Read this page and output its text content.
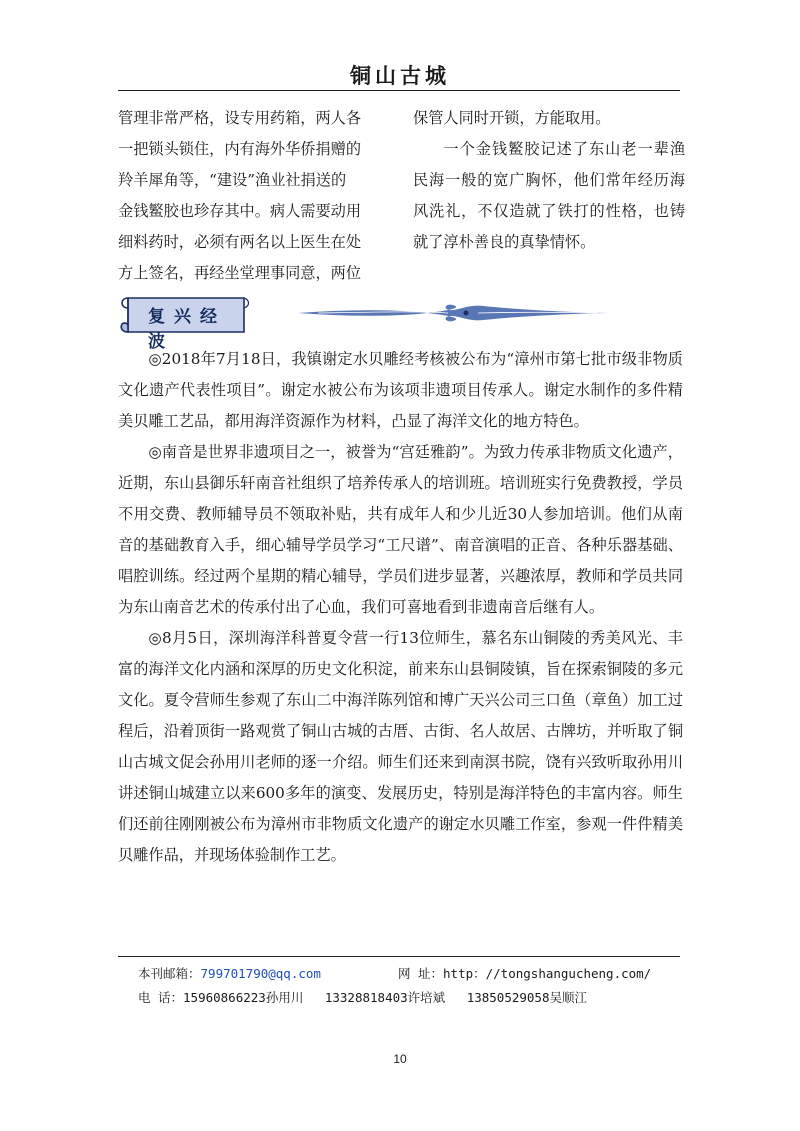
铜山古城

管理非常严格，设专用药箱，两人各

一把锁头锁住，内有海外华侨捐赠的

羚羊犀角等，“建设”渔业社捐送的

金钱鳘胶也珍存其中。病人需要动用

细料药时，必须有两名以上医生在处

方上签名，再经坐堂理事同意，两位

保管人同时开锁，方能取用。

一个金钱鳘胶记述了东山老一辈渔民海一般的宽广胸怀，他们常年经历海风洗礼，不仅造就了铁打的性格，也铸就了淳朴善良的真挚情怀。

复兴经波

◎2018年7月18日，我镇谢定水贝雕经考核被公布为“漳州市第七批市级非物质文化遗产代表性项目”。谢定水被公布为该项非遗项目传承人。谢定水制作的多件精美贝雕工艺品，都用海洋资源作为材料，凸显了海洋文化的地方特色。

◎南音是世界非遗项目之一，被誉为“宫廷雅韵”。为致力传承非物质文化遗产，近期，东山县御乐轩南音社组织了培养传承人的培训班。培训班实行免费教授，学员不用交费、教师辅导员不领取补贴，共有成年人和少儿近30人参加培训。他们从南音的基础教育入手，细心辅导学员学习“工尺谱”、南音演唱的正音、各种乐器基础、唱腔训练。经过两个星期的精心辅导，学员们进步显著，兴趣浓厚，教师和学员共同为东山南音艺术的传承付出了心血，我们可喜地看到非遗南音后继有人。

◎8月5日，深圳海洋科普夏令营一行13位师生，慕名东山铜陵的秀美风光、丰富的海洋文化内涵和深厚的历史文化积淀，前来东山县铜陵镇，旨在探索铜陵的多元文化。夏令营师生参观了东山二中海洋陈列馆和博广天兴公司三口鱼（章鱼）加工过程后，沿着顶街一路观赏了铜山古城的古厝、古街、名人故居、古牌坊，并听取了铜山古城文促会孙用川老师的逐一介绍。师生们还来到南溟书院，饶有兴致听取孙用川讲述铜山城建立以来600多年的演变、发展历史，特别是海洋特色的丰富内容。师生们还前往刚刚被公布为漳州市非物质文化遗产的谢定水贝雕工作室，参观一件件精美贝雕作品，并现场体验制作工艺。

本刊邮箱：799701790@qq.com	网 址：http：//tongshangucheng.com/
电 话：15960866223孙用川 13328818403许培斌 13850529058吴顺江
10
